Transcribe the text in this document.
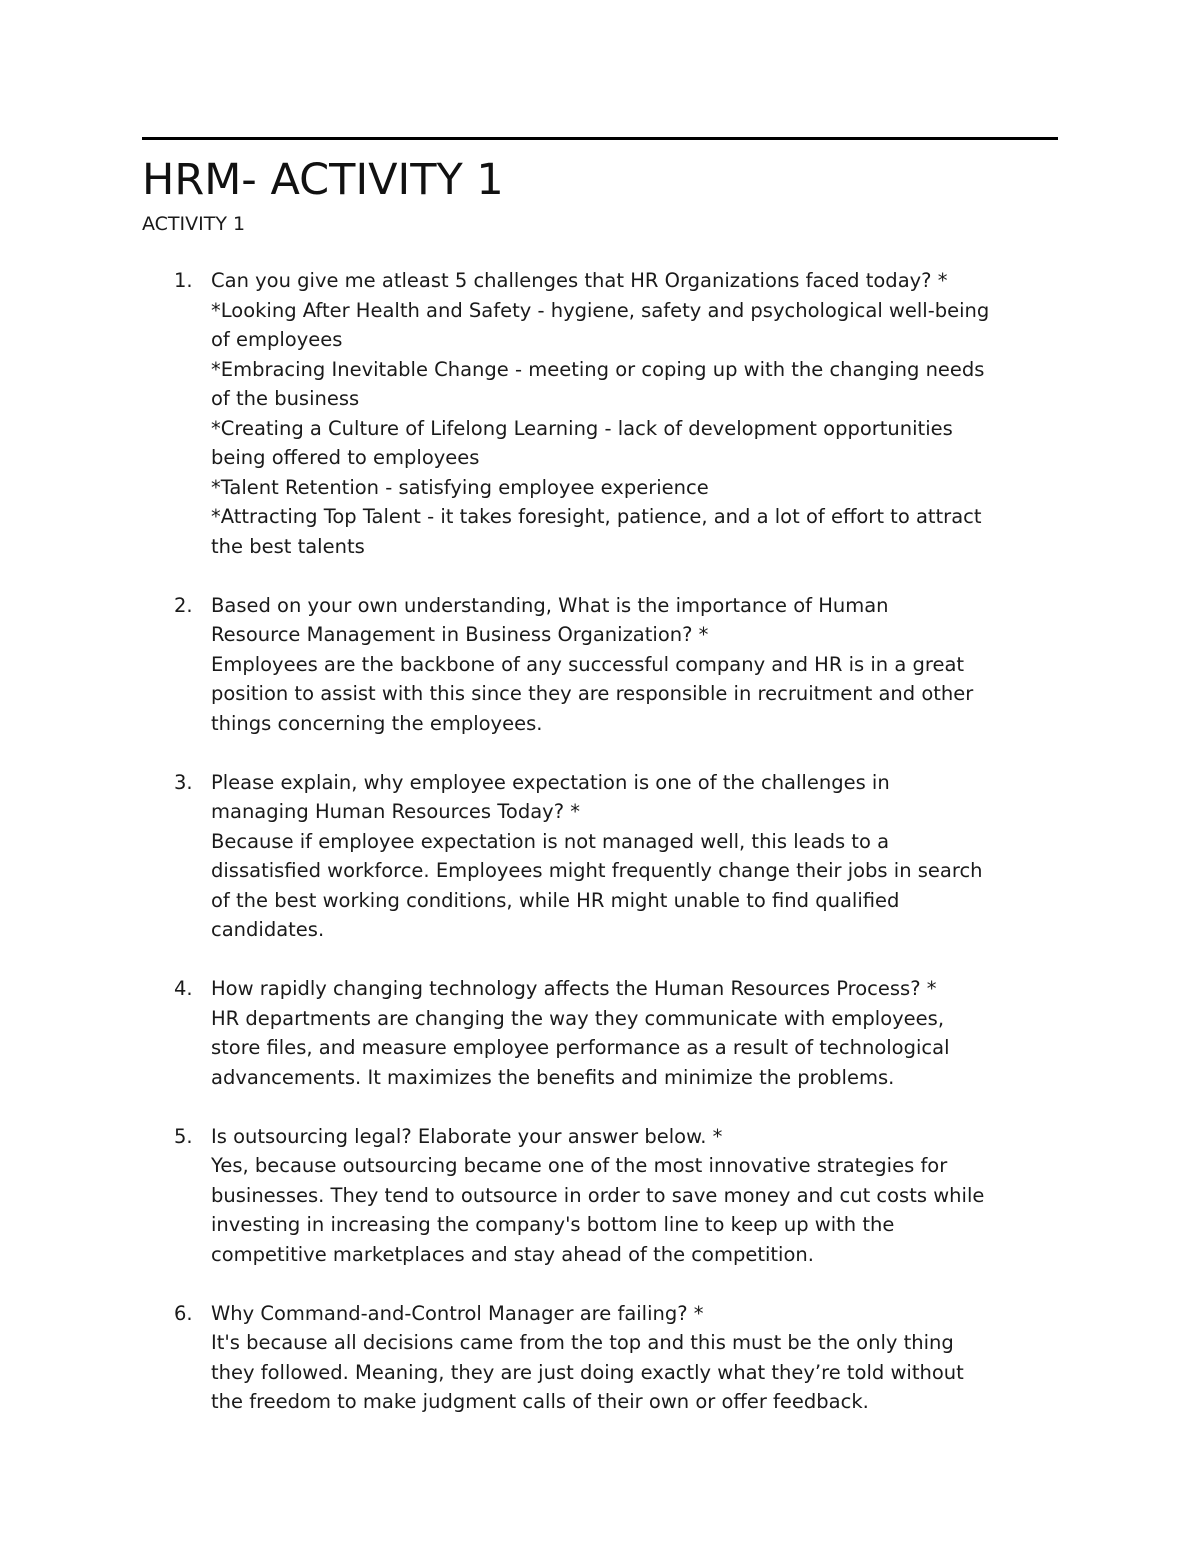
HRM- ACTIVITY 1

ACTIVITY 1

1. Can you give me atleast 5 challenges that HR Organizations faced today? *
*Looking After Health and Safety - hygiene, safety and psychological well-being
of employees
*Embracing Inevitable Change - meeting or coping up with the changing needs
of the business
*Creating a Culture of Lifelong Learning - lack of development opportunities
being offered to employees
*Talent Retention - satisfying employee experience
*Attracting Top Talent - it takes foresight, patience, and a lot of effort to attract
the best talents
2. Based on your own understanding, What is the importance of Human
Resource Management in Business Organization? *
Employees are the backbone of any successful company and HR is in a great
position to assist with this since they are responsible in recruitment and other
things concerning the employees.
3. Please explain, why employee expectation is one of the challenges in
managing Human Resources Today? *
Because if employee expectation is not managed well, this leads to a
dissatisfied workforce. Employees might frequently change their jobs in search
of the best working conditions, while HR might unable to find qualified
candidates.
4. How rapidly changing technology affects the Human Resources Process? *
HR departments are changing the way they communicate with employees,
store files, and measure employee performance as a result of technological
advancements. It maximizes the benefits and minimize the problems.
5. Is outsourcing legal? Elaborate your answer below. *
Yes, because outsourcing became one of the most innovative strategies for
businesses. They tend to outsource in order to save money and cut costs while
investing in increasing the company's bottom line to keep up with the
competitive marketplaces and stay ahead of the competition.
6. Why Command-and-Control Manager are failing? *
It's because all decisions came from the top and this must be the only thing
they followed. Meaning, they are just doing exactly what they’re told without
the freedom to make judgment calls of their own or offer feedback.
